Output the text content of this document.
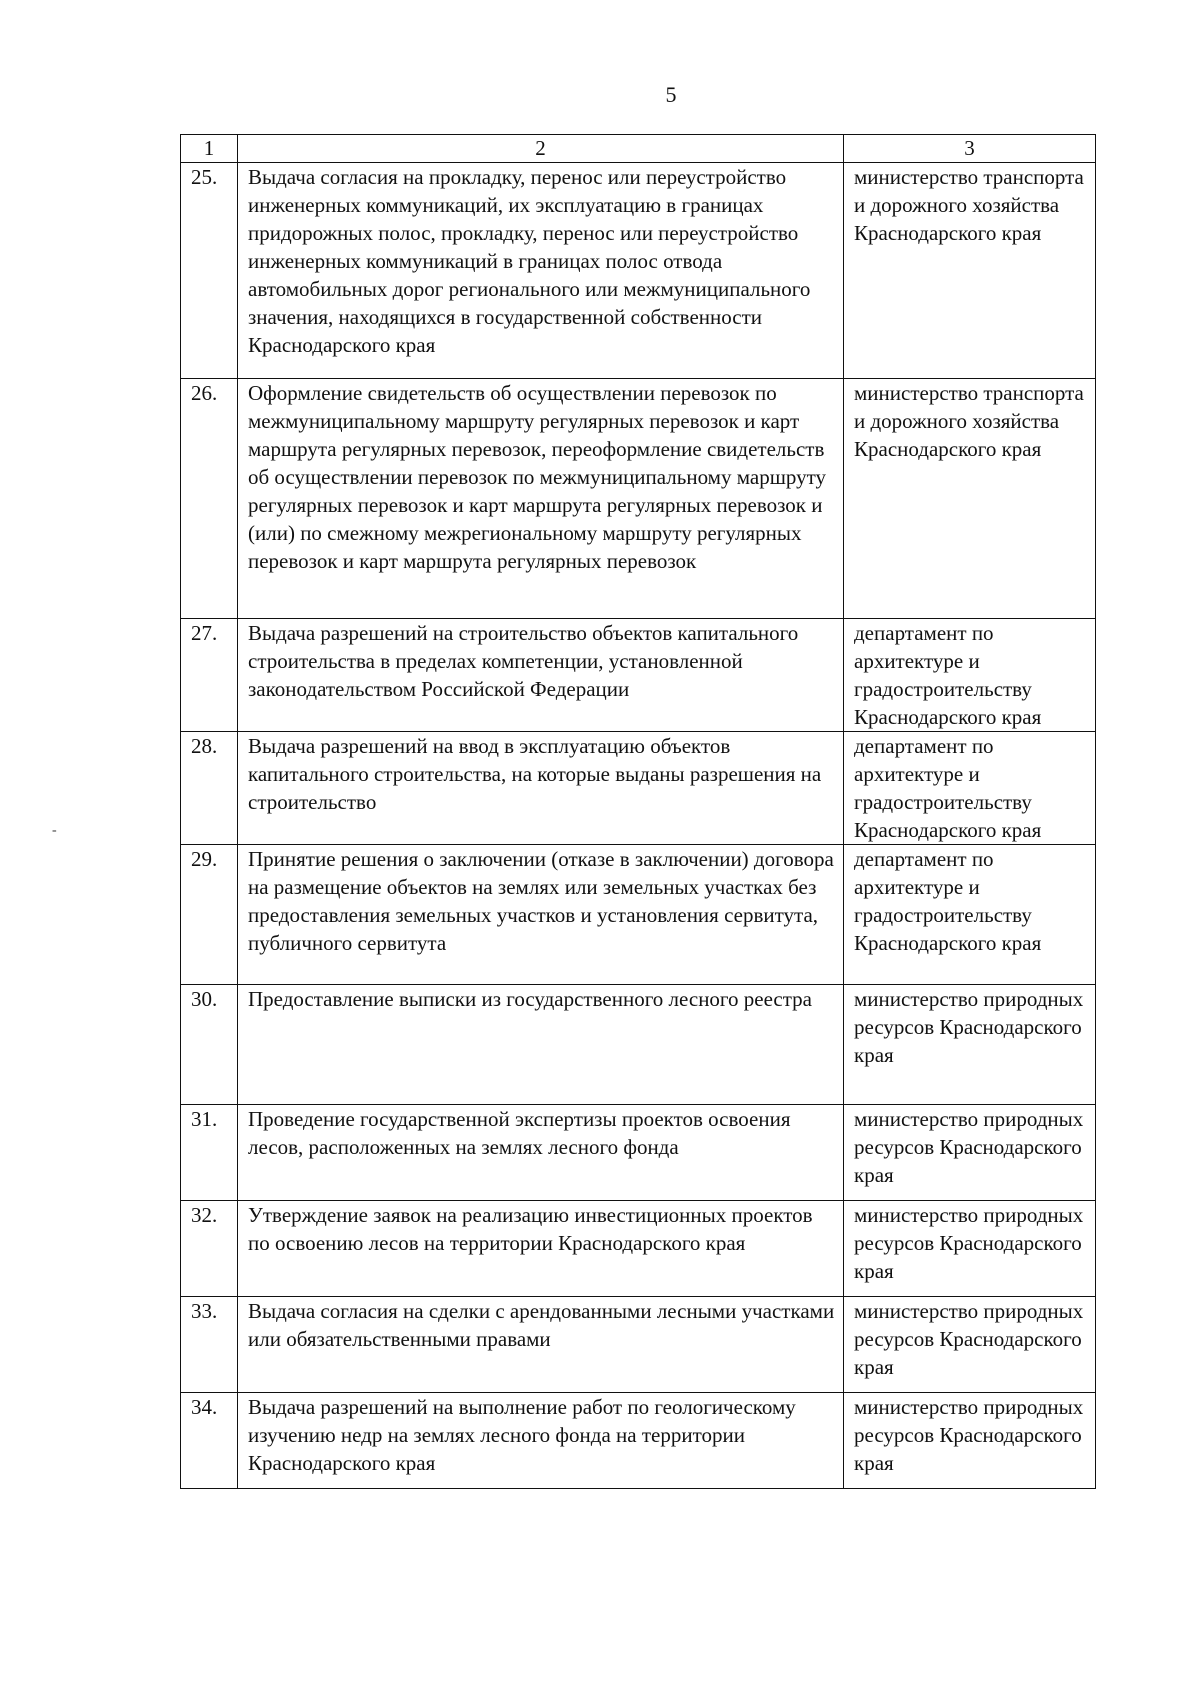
5
-
1	2	3
25.	Выдача согласия на прокладку, перенос или переустройство инженерных коммуникаций, их эксплуатацию в границах придорожных полос, прокладку, перенос или переустройство инженерных коммуникаций в границах полос отвода автомобильных дорог регионального или межмуниципального значения, находящихся в государственной собственности Краснодарского края	министерство транспорта и дорожного хозяйства Краснодарского края
26.	Оформление свидетельств об осуществлении перевозок по межмуниципальному маршруту регулярных перевозок и карт маршрута регулярных перевозок, переоформление свидетельств об осуществлении перевозок по межмуниципальному маршруту регулярных перевозок и карт маршрута регулярных перевозок и (или) по смежному межрегиональному маршруту регулярных перевозок и карт маршрута регулярных перевозок	министерство транспорта и дорожного хозяйства Краснодарского края
27.	Выдача разрешений на строительство объектов капитального строительства в пределах компетенции, установленной законодательством Российской Федерации	департамент по архитектуре и градостроительству Краснодарского края
28.	Выдача разрешений на ввод в эксплуатацию объектов капитального строительства, на которые выданы разрешения на строительство	департамент по архитектуре и градостроительству Краснодарского края
29.	Принятие решения о заключении (отказе в заключении) договора на размещение объектов на землях или земельных участках без предоставления земельных участков и установления сервитута, публичного сервитута	департамент по архитектуре и градостроительству Краснодарского края
30.	Предоставление выписки из государственного лесного реестра	министерство природных ресурсов Краснодарского края
31.	Проведение государственной экспертизы проектов освоения лесов, расположенных на землях лесного фонда	министерство природных ресурсов Краснодарского края
32.	Утверждение заявок на реализацию инвестиционных проектов по освоению лесов на территории Краснодарского края	министерство природных ресурсов Краснодарского края
33.	Выдача согласия на сделки с арендованными лесными участками или обязательственными правами	министерство природных ресурсов Краснодарского края
34.	Выдача разрешений на выполнение работ по геологическому изучению недр на землях лесного фонда на территории Краснодарского края	министерство природных ресурсов Краснодарского края
